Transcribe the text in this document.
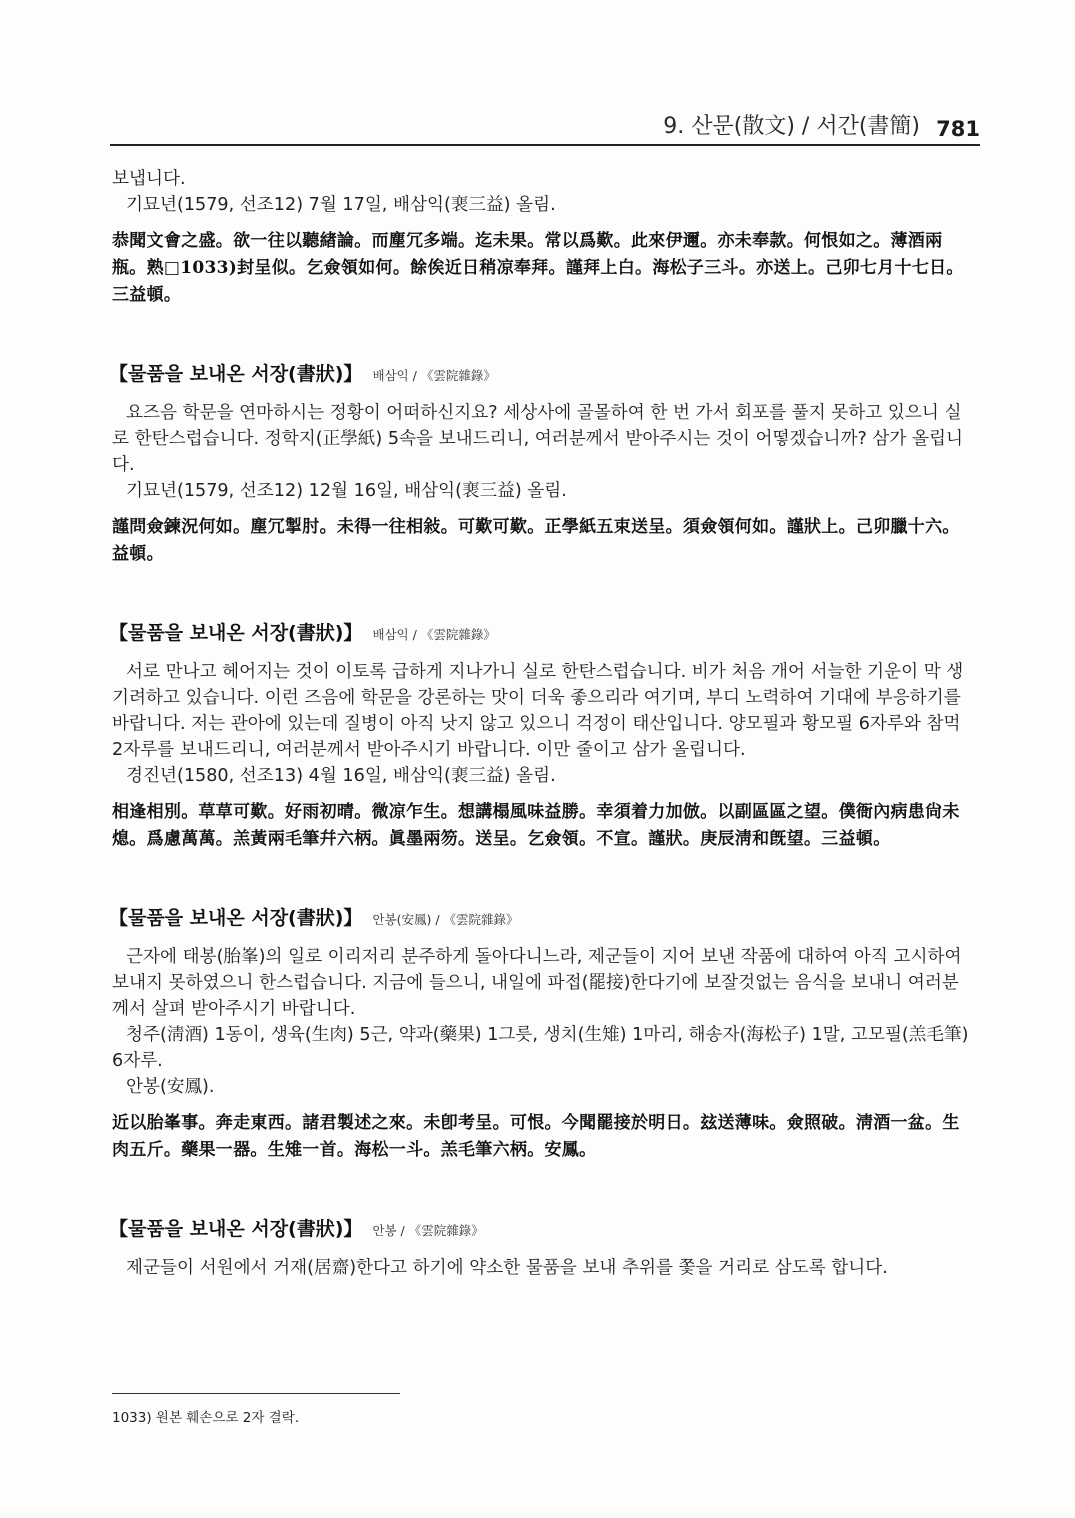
9. 산문(散文) / 서간(書簡) 781

보냅니다.

기묘년(1579, 선조12) 7월 17일, 배삼익(裵三益) 올림.

恭聞文會之盛。欲一往以聽緖論。而塵冗多端。迄未果。常以爲歎。此來伊邇。亦未奉款。何恨如之。薄酒兩瓶。熟□1033)封呈似。乞僉領如何。餘俟近日稍凉奉拜。謹拜上白。海松子三斗。亦送上。己卯七月十七日。三益頓。

【물품을 보내온 서장(書狀)】 배삼익 / 《雲院雜錄》

요즈음 학문을 연마하시는 정황이 어떠하신지요? 세상사에 골몰하여 한 번 가서 회포를 풀지 못하고 있으니 실로 한탄스럽습니다. 정학지(正學紙) 5속을 보내드리니, 여러분께서 받아주시는 것이 어떻겠습니까? 삼가 올립니다.

기묘년(1579, 선조12) 12월 16일, 배삼익(裵三益) 올림.

謹問僉鍊況何如。塵冗掣肘。未得一往相敍。可歎可歎。正學紙五束送呈。須僉領何如。謹狀上。己卯臘十六。益頓。

【물품을 보내온 서장(書狀)】 배삼익 / 《雲院雜錄》

서로 만나고 헤어지는 것이 이토록 급하게 지나가니 실로 한탄스럽습니다. 비가 처음 개어 서늘한 기운이 막 생기려하고 있습니다. 이런 즈음에 학문을 강론하는 맛이 더욱 좋으리라 여기며, 부디 노력하여 기대에 부응하기를 바랍니다. 저는 관아에 있는데 질병이 아직 낫지 않고 있으니 걱정이 태산입니다. 양모필과 황모필 6자루와 참먹 2자루를 보내드리니, 여러분께서 받아주시기 바랍니다. 이만 줄이고 삼가 올립니다.

경진년(1580, 선조13) 4월 16일, 배삼익(裵三益) 올림.

相逢相別。草草可歎。好雨初晴。微凉乍生。想講榻風味益勝。幸須着力加倣。以副區區之望。僕衙內病患尙未熄。爲慮萬萬。羔黃兩毛筆幷六柄。眞墨兩笏。送呈。乞僉領。不宣。謹狀。庚辰淸和旣望。三益頓。

【물품을 보내온 서장(書狀)】 안봉(安鳳) / 《雲院雜錄》

근자에 태봉(胎峯)의 일로 이리저리 분주하게 돌아다니느라, 제군들이 지어 보낸 작품에 대하여 아직 고시하여 보내지 못하였으니 한스럽습니다. 지금에 들으니, 내일에 파접(罷接)한다기에 보잘것없는 음식을 보내니 여러분께서 살펴 받아주시기 바랍니다.

청주(淸酒) 1동이, 생육(生肉) 5근, 약과(藥果) 1그릇, 생치(生雉) 1마리, 해송자(海松子) 1말, 고모필(羔毛筆) 6자루.

안봉(安鳳).

近以胎峯事。奔走東西。諸君製述之來。未卽考呈。可恨。今聞罷接於明日。玆送薄味。僉照破。淸酒一盆。生肉五斤。藥果一器。生雉一首。海松一斗。羔毛筆六柄。安鳳。

【물품을 보내온 서장(書狀)】 안봉 / 《雲院雜錄》

제군들이 서원에서 거재(居齋)한다고 하기에 약소한 물품을 보내 추위를 쫓을 거리로 삼도록 합니다.

1033) 원본 훼손으로 2자 결락.
